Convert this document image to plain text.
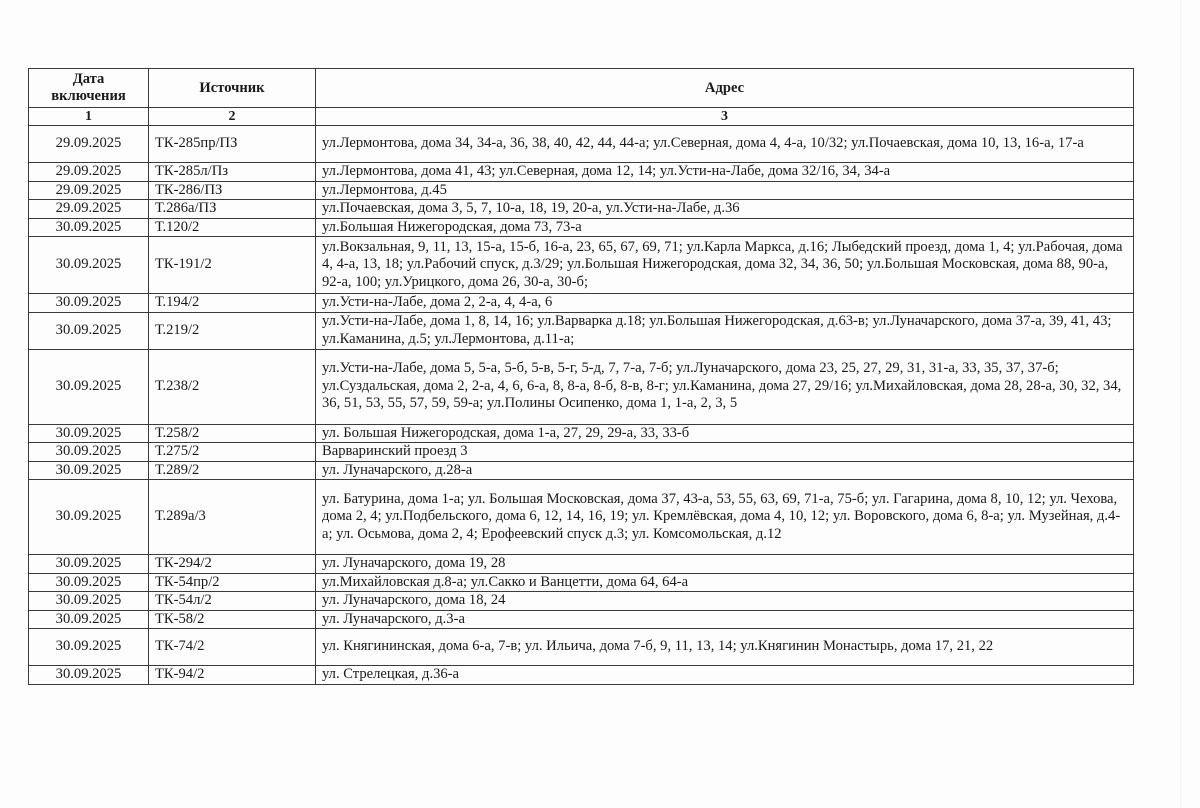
Дата включения	Источник	Адрес
1	2	3
29.09.2025	ТК-285пр/ПЗ	ул.Лермонтова, дома 34, 34-а, 36, 38, 40, 42, 44, 44-а; ул.Северная, дома 4, 4-а, 10/32; ул.Почаевская, дома 10, 13, 16-а, 17-а
29.09.2025	ТК-285л/Пз	ул.Лермонтова, дома 41, 43; ул.Северная, дома 12, 14; ул.Усти-на-Лабе, дома 32/16, 34, 34-а
29.09.2025	ТК-286/ПЗ	ул.Лермонтова, д.45
29.09.2025	Т.286а/ПЗ	ул.Почаевская, дома 3, 5, 7, 10-а, 18, 19, 20-а, ул.Усти-на-Лабе, д.36
30.09.2025	Т.120/2	ул.Большая Нижегородская, дома 73, 73-а
30.09.2025	ТК-191/2	ул.Вокзальная, 9, 11, 13, 15-а, 15-б, 16-а, 23, 65, 67, 69, 71; ул.Карла Маркса, д.16; Лыбедский проезд, дома 1, 4; ул.Рабочая, дома 4, 4-а, 13, 18; ул.Рабочий спуск, д.3/29; ул.Большая Нижегородская, дома 32, 34, 36, 50; ул.Большая Московская, дома 88, 90-а, 92-а, 100; ул.Урицкого, дома 26, 30-а, 30-б;
30.09.2025	Т.194/2	ул.Усти-на-Лабе, дома 2, 2-а, 4, 4-а, 6
30.09.2025	Т.219/2	ул.Усти-на-Лабе, дома 1, 8, 14, 16; ул.Варварка д.18; ул.Большая Нижегородская, д.63-в; ул.Луначарского, дома 37-а, 39, 41, 43; ул.Каманина, д.5; ул.Лермонтова, д.11-а;
30.09.2025	Т.238/2	ул.Усти-на-Лабе, дома 5, 5-а, 5-б, 5-в, 5-г, 5-д, 7, 7-а, 7-б; ул.Луначарского, дома 23, 25, 27, 29, 31, 31-а, 33, 35, 37, 37-б; ул.Суздальская, дома 2, 2-а, 4, 6, 6-а, 8, 8-а, 8-б, 8-в, 8-г; ул.Каманина, дома 27, 29/16; ул.Михайловская, дома 28, 28-а, 30, 32, 34, 36, 51, 53, 55, 57, 59, 59-а; ул.Полины Осипенко, дома 1, 1-а, 2, 3, 5
30.09.2025	Т.258/2	ул. Большая Нижегородская, дома 1-а, 27, 29, 29-а, 33, 33-б
30.09.2025	Т.275/2	Варваринский проезд 3
30.09.2025	Т.289/2	ул. Луначарского, д.28-а
30.09.2025	Т.289а/3	ул. Батурина, дома 1-а; ул. Большая Московская, дома 37, 43-а, 53, 55, 63, 69, 71-а, 75-б; ул. Гагарина, дома 8, 10, 12; ул. Чехова, дома 2, 4; ул.Подбельского, дома 6, 12, 14, 16, 19; ул. Кремлёвская, дома 4, 10, 12; ул. Воровского, дома 6, 8-а; ул. Музейная, д.4-а; ул. Осьмова, дома 2, 4; Ерофеевский спуск д.3; ул. Комсомольская, д.12
30.09.2025	ТК-294/2	ул. Луначарского, дома 19, 28
30.09.2025	ТК-54пр/2	ул.Михайловская д.8-а; ул.Сакко и Ванцетти, дома 64, 64-а
30.09.2025	ТК-54л/2	ул. Луначарского, дома 18, 24
30.09.2025	ТК-58/2	ул. Луначарского, д.3-а
30.09.2025	ТК-74/2	ул. Княгининская, дома 6-а, 7-в; ул. Ильича, дома 7-б, 9, 11, 13, 14; ул.Княгинин Монастырь, дома 17, 21, 22
30.09.2025	ТК-94/2	ул. Стрелецкая, д.36-а
